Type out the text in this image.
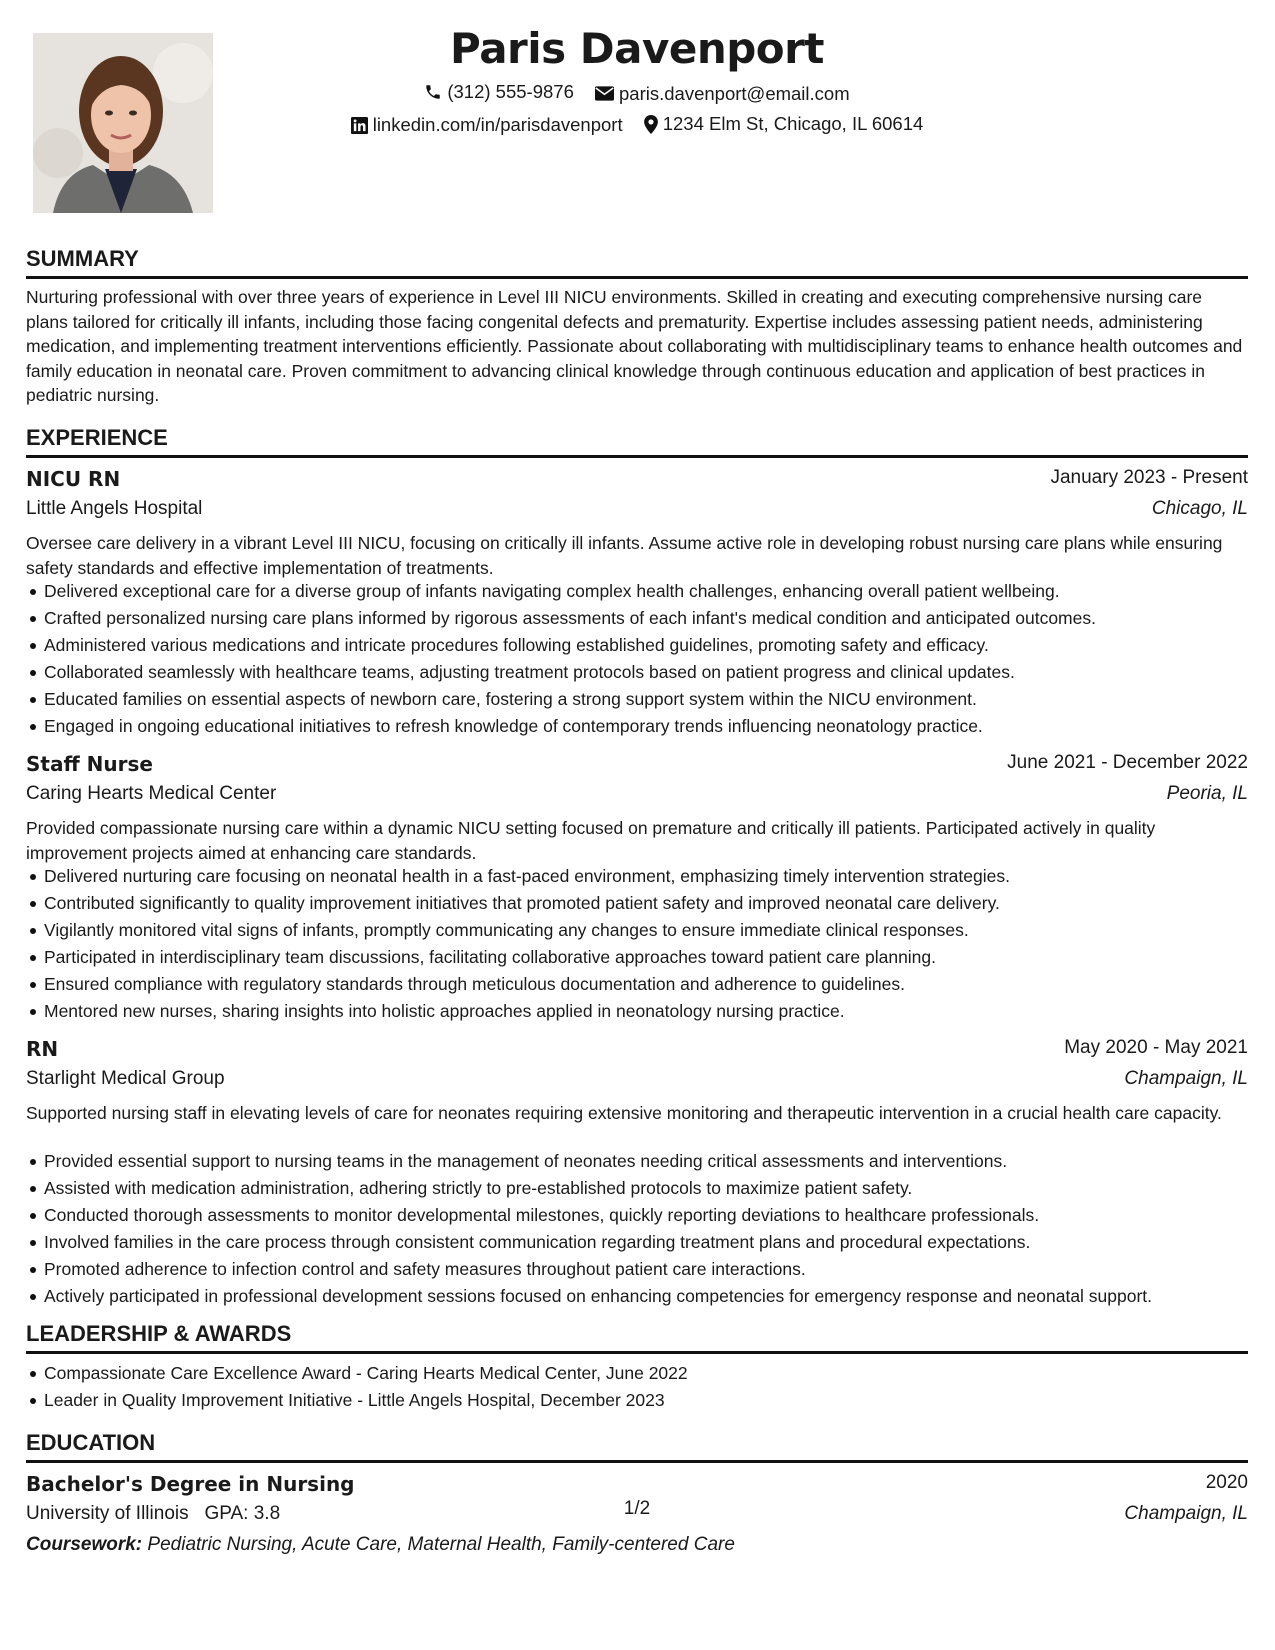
Paris Davenport
(312) 555-9876
paris.davenport@email.com
linkedin.com/in/parisdavenport
1234 Elm St, Chicago, IL 60614
SUMMARY
Nurturing professional with over three years of experience in Level III NICU environments. Skilled in creating and executing comprehensive nursing care plans tailored for critically ill infants, including those facing congenital defects and prematurity. Expertise includes assessing patient needs, administering medication, and implementing treatment interventions efficiently. Passionate about collaborating with multidisciplinary teams to enhance health outcomes and family education in neonatal care. Proven commitment to advancing clinical knowledge through continuous education and application of best practices in pediatric nursing.
EXPERIENCE
NICU RN	January 2023 - Present
Little Angels Hospital	Chicago, IL
Oversee care delivery in a vibrant Level III NICU, focusing on critically ill infants. Assume active role in developing robust nursing care plans while ensuring safety standards and effective implementation of treatments.
Delivered exceptional care for a diverse group of infants navigating complex health challenges, enhancing overall patient wellbeing.
Crafted personalized nursing care plans informed by rigorous assessments of each infant's medical condition and anticipated outcomes.
Administered various medications and intricate procedures following established guidelines, promoting safety and efficacy.
Collaborated seamlessly with healthcare teams, adjusting treatment protocols based on patient progress and clinical updates.
Educated families on essential aspects of newborn care, fostering a strong support system within the NICU environment.
Engaged in ongoing educational initiatives to refresh knowledge of contemporary trends influencing neonatology practice.
Staff Nurse	June 2021 - December 2022
Caring Hearts Medical Center	Peoria, IL
Provided compassionate nursing care within a dynamic NICU setting focused on premature and critically ill patients. Participated actively in quality improvement projects aimed at enhancing care standards.
Delivered nurturing care focusing on neonatal health in a fast-paced environment, emphasizing timely intervention strategies.
Contributed significantly to quality improvement initiatives that promoted patient safety and improved neonatal care delivery.
Vigilantly monitored vital signs of infants, promptly communicating any changes to ensure immediate clinical responses.
Participated in interdisciplinary team discussions, facilitating collaborative approaches toward patient care planning.
Ensured compliance with regulatory standards through meticulous documentation and adherence to guidelines.
Mentored new nurses, sharing insights into holistic approaches applied in neonatology nursing practice.
RN	May 2020 - May 2021
Starlight Medical Group	Champaign, IL
Supported nursing staff in elevating levels of care for neonates requiring extensive monitoring and therapeutic intervention in a crucial health care capacity.
Provided essential support to nursing teams in the management of neonates needing critical assessments and interventions.
Assisted with medication administration, adhering strictly to pre-established protocols to maximize patient safety.
Conducted thorough assessments to monitor developmental milestones, quickly reporting deviations to healthcare professionals.
Involved families in the care process through consistent communication regarding treatment plans and procedural expectations.
Promoted adherence to infection control and safety measures throughout patient care interactions.
Actively participated in professional development sessions focused on enhancing competencies for emergency response and neonatal support.
LEADERSHIP & AWARDS
Compassionate Care Excellence Award - Caring Hearts Medical Center, June 2022
Leader in Quality Improvement Initiative - Little Angels Hospital, December 2023
EDUCATION
Bachelor's Degree in Nursing	2020
University of Illinois GPA: 3.8	Champaign, IL
Coursework: Pediatric Nursing, Acute Care, Maternal Health, Family-centered Care
1/2
